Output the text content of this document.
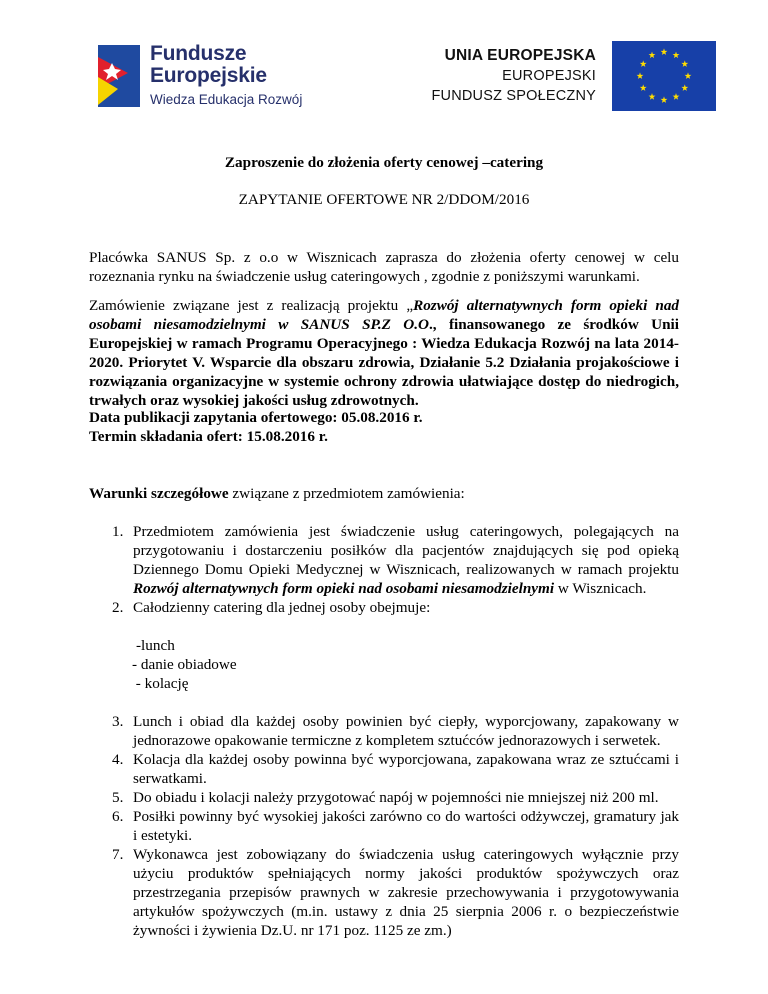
Fundusze
Europejskie
Wiedza Edukacja Rozwój
UNIA EUROPEJSKA
EUROPEJSKI
FUNDUSZ SPOŁECZNY
Zaproszenie do złożenia oferty cenowej –catering
ZAPYTANIE OFERTOWE NR 2/DDOM/2016
Placówka SANUS Sp. z o.o w Wisznicach zaprasza do złożenia oferty cenowej w celu rozeznania rynku na świadczenie usług cateringowych , zgodnie z poniższymi warunkami.
Zamówienie związane jest z realizacją projektu „Rozwój alternatywnych form opieki nad osobami niesamodzielnymi w SANUS SP.Z O.O., finansowanego ze środków Unii Europejskiej w ramach Programu Operacyjnego : Wiedza Edukacja Rozwój na lata 2014-2020. Priorytet V. Wsparcie dla obszaru zdrowia, Działanie 5.2 Działania projakościowe i rozwiązania organizacyjne w systemie ochrony zdrowia ułatwiające dostęp do niedrogich, trwałych oraz wysokiej jakości usług zdrowotnych.
Data publikacji zapytania ofertowego: 05.08.2016 r.
Termin składania ofert: 15.08.2016 r.
Warunki szczegółowe związane z przedmiotem zamówienia:
1. Przedmiotem zamówienia jest świadczenie usług cateringowych, polegających na przygotowaniu i dostarczeniu posiłków dla pacjentów znajdujących się pod opieką Dziennego Domu Opieki Medycznej w Wisznicach, realizowanych w ramach projektu Rozwój alternatywnych form opieki nad osobami niesamodzielnymi w Wisznicach.
2. Całodzienny catering dla jednej osoby obejmuje:
-lunch
- danie obiadowe
- kolację
3. Lunch i obiad dla każdej osoby powinien być ciepły, wyporcjowany, zapakowany w jednorazowe opakowanie termiczne z kompletem sztućców jednorazowych i serwetek.
4. Kolacja dla każdej osoby powinna być wyporcjowana, zapakowana wraz ze sztućcami i serwatkami.
5. Do obiadu i kolacji należy przygotować napój w pojemności nie mniejszej niż 200 ml.
6. Posiłki powinny być wysokiej jakości zarówno co do wartości odżywczej, gramatury jak i estetyki.
7. Wykonawca jest zobowiązany do świadczenia usług cateringowych wyłącznie przy użyciu produktów spełniających normy jakości produktów spożywczych oraz przestrzegania przepisów prawnych w zakresie przechowywania i przygotowywania artykułów spożywczych (m.in. ustawy z dnia 25 sierpnia 2006 r. o bezpieczeństwie żywności i żywienia Dz.U. nr 171 poz. 1125 ze zm.)
